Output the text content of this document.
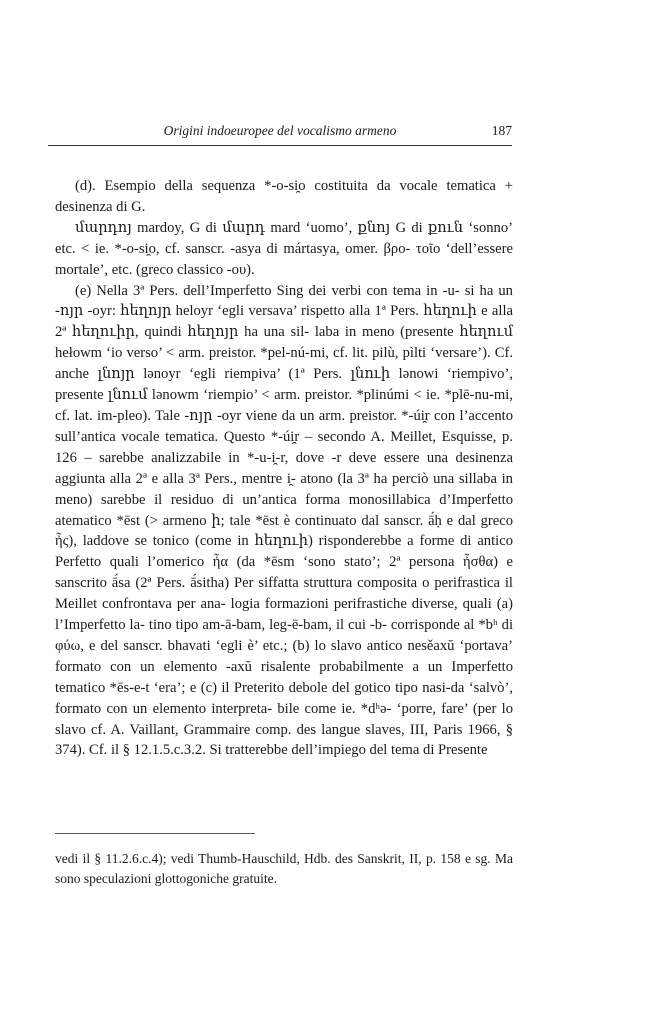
Origini indoeuropee del vocalismo armeno	187

(d). Esempio della sequenza *-o-si̯o costituita da vocale tematica + desinenza di G.

մարդոյ mardoy, G di մարդ mard ‘uomo’, քնոյ G di քուն ‘sonno’ etc. < ie. *-o-si̯o, cf. sanscr. -asya di mártasya, omer. βρο- τοῖο ‘dell’essere mortale’, etc. (greco classico -ου).

(e) Nella 3ª Pers. dell’Imperfetto Sing dei verbi con tema in -u- si ha un -ոյր -oyr: հեղոյր heloyr ‘egli versava’ rispetto alla 1ª Pers. հեղուի e alla 2ª հեղուիր, quindi հեղոյր ha una sil- laba in meno (presente հեղում hełowm ‘io verso’ < arm. preistor. *pel-nú-mi, cf. lit. pilù, pìlti ‘versare’). Cf. anche լնոյր lənoyr ‘egli riempiva’ (1ª Pers. լնուի lənowi ‘riempivo’, presente լնում lənowm ‘riempio’ < arm. preistor. *plinúmi < ie. *plē-nu-mi, cf. lat. im-pleo). Tale -ոյր -oyr viene da un arm. preistor. *-úi̯r con l’accento sull’antica vocale tematica. Questo *-úi̯r – secondo A. Meillet, Esquisse, p. 126 – sarebbe analizzabile in *-u-i̯-r, dove -r deve essere una desinenza aggiunta alla 2ª e alla 3ª Pers., mentre i̯- atono (la 3ª ha perciò una sillaba in meno) sarebbe il residuo di un’antica forma monosillabica d’Imperfetto atematico *ēst (> armeno ի; tale *ēst è continuato dal sanscr. ā́ḥ e dal greco ἦς), laddove se tonico (come in հեղուի) risponderebbe a forme di antico Perfetto quali l’omerico ἦα (da *ēsm ‘sono stato’; 2ª persona ἦσθα) e sanscrito ā́sa (2ª Pers. ā́sitha) Per siffatta struttura composita o perifrastica il Meillet confrontava per ana- logia formazioni perifrastiche diverse, quali (a) l’Imperfetto la- tino tipo am-ā-bam, leg-ē-bam, il cui -b- corrisponde al *bʰ di φύω, e del sanscr. bhavati ‘egli è’ etc.; (b) lo slavo antico nesěaxŭ ‘portava’ formato con un elemento -axŭ risalente probabilmente a un Imperfetto tematico *ēs-e-t ‘era’; e (c) il Preterito debole del gotico tipo nasi-da ‘salvò’, formato con un elemento interpreta- bile come ie. *dʰə- ‘porre, fare’ (per lo slavo cf. A. Vaillant, Grammaire comp. des langue slaves, III, Paris 1966, § 374). Cf. il § 12.1.5.c.3.2. Si tratterebbe dell’impiego del tema di Presente

vedi il § 11.2.6.c.4); vedi Thumb-Hauschild, Hdb. des Sanskrit, II, p. 158 e sg. Ma sono speculazioni glottogoniche gratuite.
